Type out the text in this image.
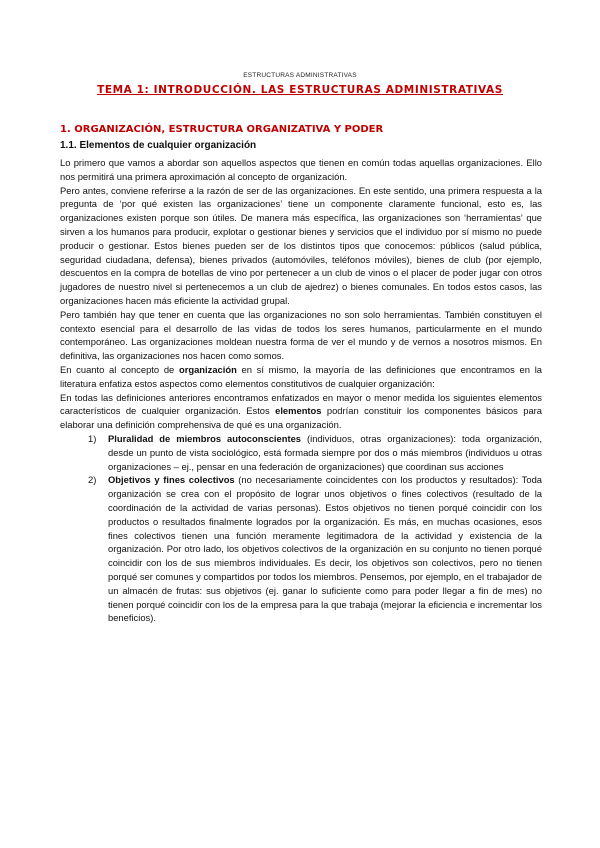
ESTRUCTURAS ADMINISTRATIVAS
TEMA 1: INTRODUCCIÓN. LAS ESTRUCTURAS ADMINISTRATIVAS
1. ORGANIZACIÓN, ESTRUCTURA ORGANIZATIVA Y PODER
1.1. Elementos de cualquier organización

Lo primero que vamos a abordar son aquellos aspectos que tienen en común todas aquellas organizaciones. Ello nos permitirá una primera aproximación al concepto de organización.

Pero antes, conviene referirse a la razón de ser de las organizaciones. En este sentido, una primera respuesta a la pregunta de ‘por qué existen las organizaciones’ tiene un componente claramente funcional, esto es, las organizaciones existen porque son útiles. De manera más específica, las organizaciones son ‘herramientas’ que sirven a los humanos para producir, explotar o gestionar bienes y servicios que el individuo por sí mismo no puede producir o gestionar. Estos bienes pueden ser de los distintos tipos que conocemos: públicos (salud pública, seguridad ciudadana, defensa), bienes privados (automóviles, teléfonos móviles), bienes de club (por ejemplo, descuentos en la compra de botellas de vino por pertenecer a un club de vinos o el placer de poder jugar con otros jugadores de nuestro nivel si pertenecemos a un club de ajedrez) o bienes comunales. En todos estos casos, las organizaciones hacen más eficiente la actividad grupal.

Pero también hay que tener en cuenta que las organizaciones no son solo herramientas. También constituyen el contexto esencial para el desarrollo de las vidas de todos los seres humanos, particularmente en el mundo contemporáneo. Las organizaciones moldean nuestra forma de ver el mundo y de vernos a nosotros mismos. En definitiva, las organizaciones nos hacen como somos.

En cuanto al concepto de organización en sí mismo, la mayoría de las definiciones que encontramos en la literatura enfatiza estos aspectos como elementos constitutivos de cualquier organización:

En todas las definiciones anteriores encontramos enfatizados en mayor o menor medida los siguientes elementos característicos de cualquier organización. Estos elementos podrían constituir los componentes básicos para elaborar una definición comprehensiva de qué es una organización.

1) Pluralidad de miembros autoconscientes (individuos, otras organizaciones): toda organización, desde un punto de vista sociológico, está formada siempre por dos o más miembros (individuos u otras organizaciones – ej., pensar en una federación de organizaciones) que coordinan sus acciones
2) Objetivos y fines colectivos (no necesariamente coincidentes con los productos y resultados): Toda organización se crea con el propósito de lograr unos objetivos o fines colectivos (resultado de la coordinación de la actividad de varias personas). Estos objetivos no tienen porqué coincidir con los productos o resultados finalmente logrados por la organización. Es más, en muchas ocasiones, esos fines colectivos tienen una función meramente legitimadora de la actividad y existencia de la organización. Por otro lado, los objetivos colectivos de la organización en su conjunto no tienen porqué coincidir con los de sus miembros individuales. Es decir, los objetivos son colectivos, pero no tienen porqué ser comunes y compartidos por todos los miembros. Pensemos, por ejemplo, en el trabajador de un almacén de frutas: sus objetivos (ej. ganar lo suficiente como para poder llegar a fin de mes) no tienen porqué coincidir con los de la empresa para la que trabaja (mejorar la eficiencia e incrementar los beneficios).
